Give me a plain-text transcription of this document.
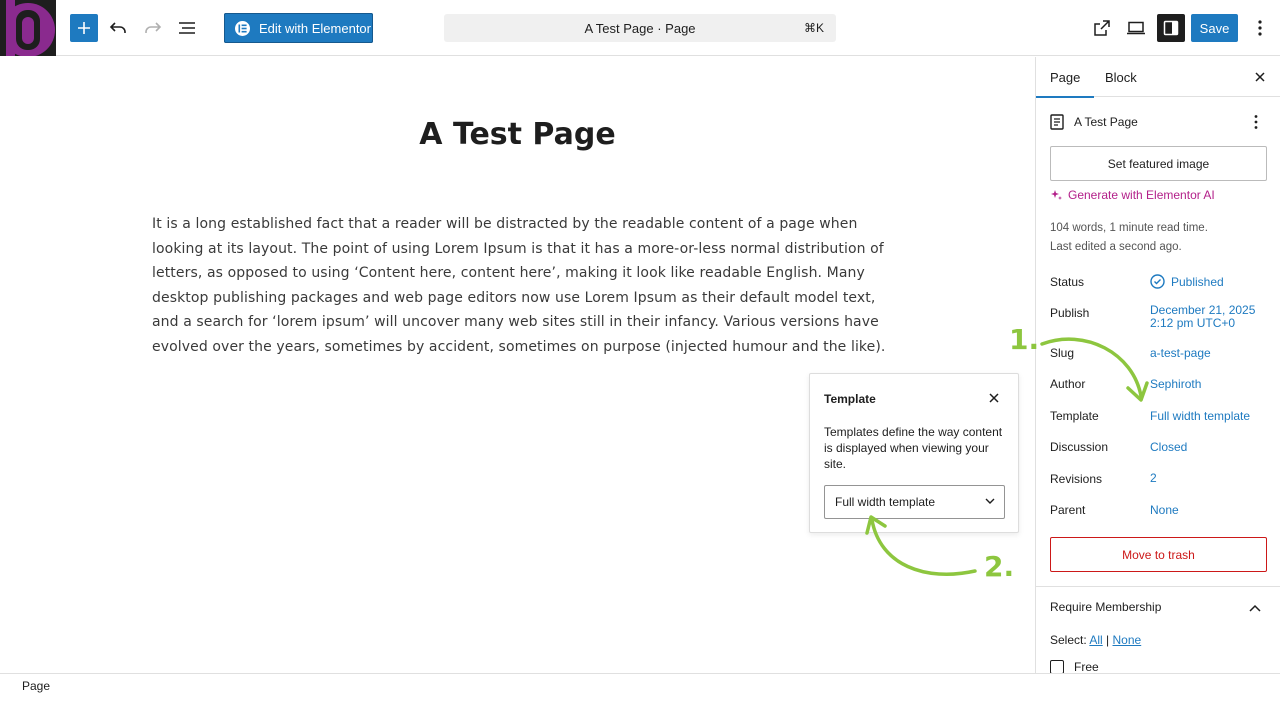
Edit with Elementor	A Test Page · Page	⌘K	Save
A Test Page

It is a long established fact that a reader will be distracted by the readable content of a page when looking at its layout. The point of using Lorem Ipsum is that it has a more-or-less normal distribution of letters, as opposed to using ‘Content here, content here’, making it look like readable English. Many desktop publishing packages and web page editors now use Lorem Ipsum as their default model text, and a search for ‘lorem ipsum’ will uncover many web sites still in their infancy. Various versions have evolved over the years, sometimes by accident, sometimes on purpose (injected humour and the like).

Template
Templates define the way content is displayed when viewing your site.
Full width template
Page Block
A Test Page
Set featured image
Generate with Elementor AI
104 words, 1 minute read time.
Last edited a second ago.
Status	Published
Publish	December 21, 2025
2:12 pm UTC+0
Slug	a-test-page
Author	Sephiroth
Template	Full width template
Discussion	Closed
Revisions	2
Parent	None
Move to trash
Require Membership
Select: All | None
Free
1.
2.
Page
